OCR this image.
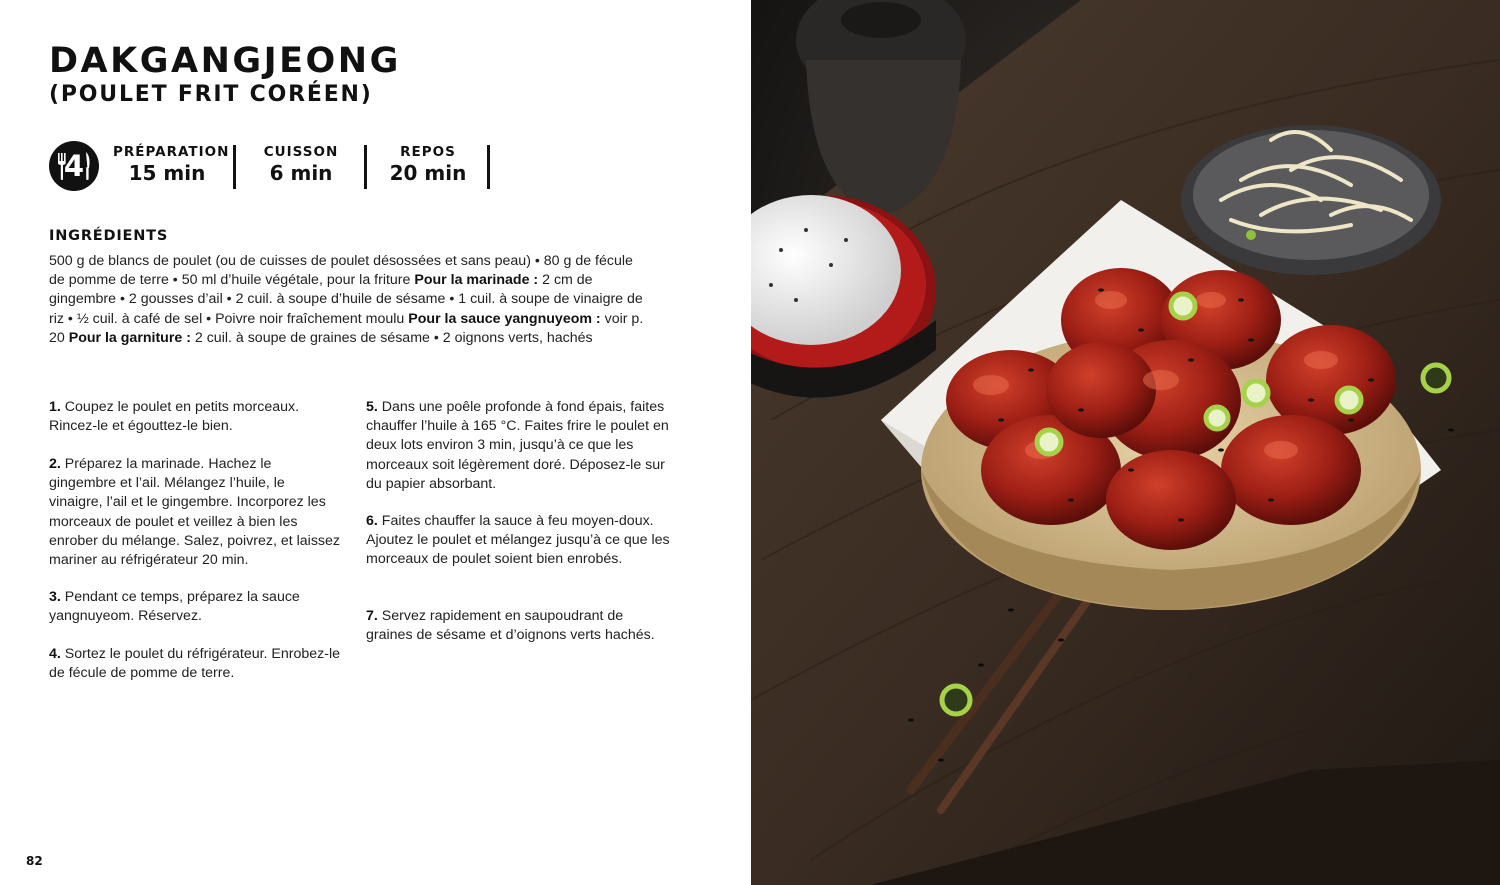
DAKGANGJEONG
(POULET FRIT CORÉEN)
4	PRÉPARATION
15 min
CUISSON
6 min
REPOS
20 min
INGRÉDIENTS
500 g de blancs de poulet (ou de cuisses de poulet désossées et sans peau) • 80 g de fécule de pomme de terre • 50 ml d’huile végétale, pour la friture Pour la marinade : 2 cm de gingembre • 2 gousses d’ail • 2 cuil. à soupe d’huile de sésame • 1 cuil. à soupe de vinaigre de riz • ½ cuil. à café de sel • Poivre noir fraîchement moulu Pour la sauce yangnuyeom : voir p. 20 Pour la garniture : 2 cuil. à soupe de graines de sésame • 2 oignons verts, hachés
1. Coupez le poulet en petits morceaux. Rincez-le et égouttez-le bien.
2. Préparez la marinade. Hachez le gingembre et l’ail. Mélangez l’huile, le vinaigre, l’ail et le gingembre. Incorporez les morceaux de poulet et veillez à bien les enrober du mélange. Salez, poivrez, et laissez mariner au réfrigérateur 20 min.
3. Pendant ce temps, préparez la sauce yangnuyeom. Réservez.
4. Sortez le poulet du réfrigérateur. Enrobez-le de fécule de pomme de terre.
5. Dans une poêle profonde à fond épais, faites chauffer l’huile à 165 °C. Faites frire le poulet en deux lots environ 3 min, jusqu’à ce que les morceaux soit légèrement doré. Déposez-le sur du papier absorbant.
6. Faites chauffer la sauce à feu moyen-doux. Ajoutez le poulet et mélangez jusqu’à ce que les morceaux de poulet soient bien enrobés.
7. Servez rapidement en saupoudrant de graines de sésame et d’oignons verts hachés.
82
